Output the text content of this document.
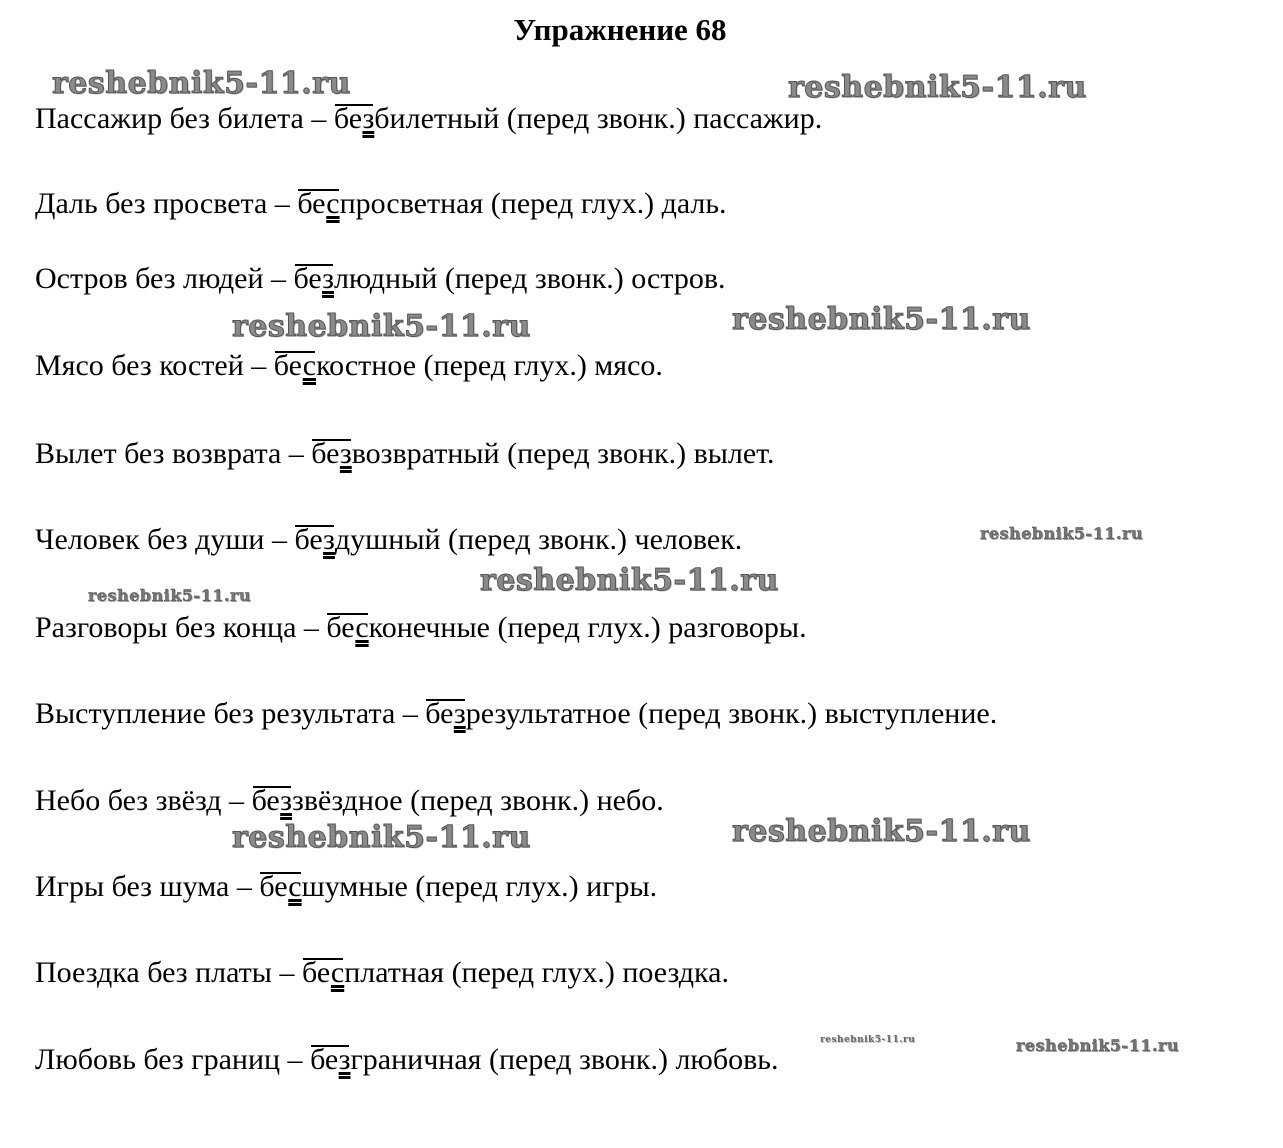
Упражнение 68
Пассажир без билета – безбилетный (перед звонк.) пассажир.
Даль без просвета – беспросветная (перед глух.) даль.
Остров без людей – безлюдный (перед звонк.) остров.
Мясо без костей – бескостное (перед глух.) мясо.
Вылет без возврата – безвозвратный (перед звонк.) вылет.
Человек без души – бездушный (перед звонк.) человек.
Разговоры без конца – бесконечные (перед глух.) разговоры.
Выступление без результата – безрезультатное (перед звонк.) выступление.
Небо без звёзд – беззвёздное (перед звонк.) небо.
Игры без шума – бесшумные (перед глух.) игры.
Поездка без платы – бесплатная (перед глух.) поездка.
Любовь без границ – безграничная (перед звонк.) любовь.
reshebnik5-11.ru	reshebnik5-11.ru
reshebnik5-11.ru	reshebnik5-11.ru
reshebnik5-11.ru
reshebnik5-11.ru
reshebnik5-11.ru
reshebnik5-11.ru	reshebnik5-11.ru
reshebnik5-11.ru	reshebnik5-11.ru
